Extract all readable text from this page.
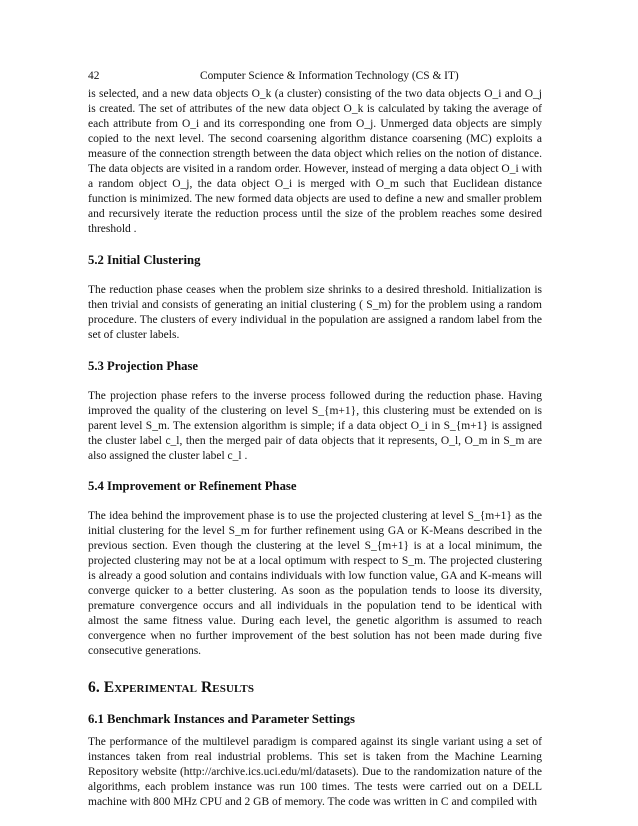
42	Computer Science & Information Technology (CS & IT)

is selected, and a new data objects O_k (a cluster) consisting of the two data objects O_i and O_j is created. The set of attributes of the new data object O_k is calculated by taking the average of each attribute from O_i and its corresponding one from O_j. Unmerged data objects are simply copied to the next level. The second coarsening algorithm distance coarsening (MC) exploits a measure of the connection strength between the data object which relies on the notion of distance. The data objects are visited in a random order. However, instead of merging a data object O_i with a random object O_j, the data object O_i is merged with O_m such that Euclidean distance function is minimized. The new formed data objects are used to define a new and smaller problem and recursively iterate the reduction process until the size of the problem reaches some desired threshold .

5.2 Initial Clustering

The reduction phase ceases when the problem size shrinks to a desired threshold. Initialization is then trivial and consists of generating an initial clustering ( S_m) for the problem using a random procedure. The clusters of every individual in the population are assigned a random label from the set of cluster labels.

5.3 Projection Phase

The projection phase refers to the inverse process followed during the reduction phase. Having improved the quality of the clustering on level S_{m+1}, this clustering must be extended on is parent level S_m. The extension algorithm is simple; if a data object O_i in S_{m+1} is assigned the cluster label c_l, then the merged pair of data objects that it represents, O_l, O_m in S_m are also assigned the cluster label c_l .

5.4 Improvement or Refinement Phase

The idea behind the improvement phase is to use the projected clustering at level S_{m+1} as the initial clustering for the level S_m for further refinement using GA or K-Means described in the previous section. Even though the clustering at the level S_{m+1} is at a local minimum, the projected clustering may not be at a local optimum with respect to S_m. The projected clustering is already a good solution and contains individuals with low function value, GA and K-means will converge quicker to a better clustering. As soon as the population tends to loose its diversity, premature convergence occurs and all individuals in the population tend to be identical with almost the same fitness value. During each level, the genetic algorithm is assumed to reach convergence when no further improvement of the best solution has not been made during five consecutive generations.

6. Experimental Results
6.1 Benchmark Instances and Parameter Settings

The performance of the multilevel paradigm is compared against its single variant using a set of instances taken from real industrial problems. This set is taken from the Machine Learning Repository website (http://archive.ics.uci.edu/ml/datasets). Due to the randomization nature of the algorithms, each problem instance was run 100 times. The tests were carried out on a DELL machine with 800 MHz CPU and 2 GB of memory. The code was written in C and compiled with
